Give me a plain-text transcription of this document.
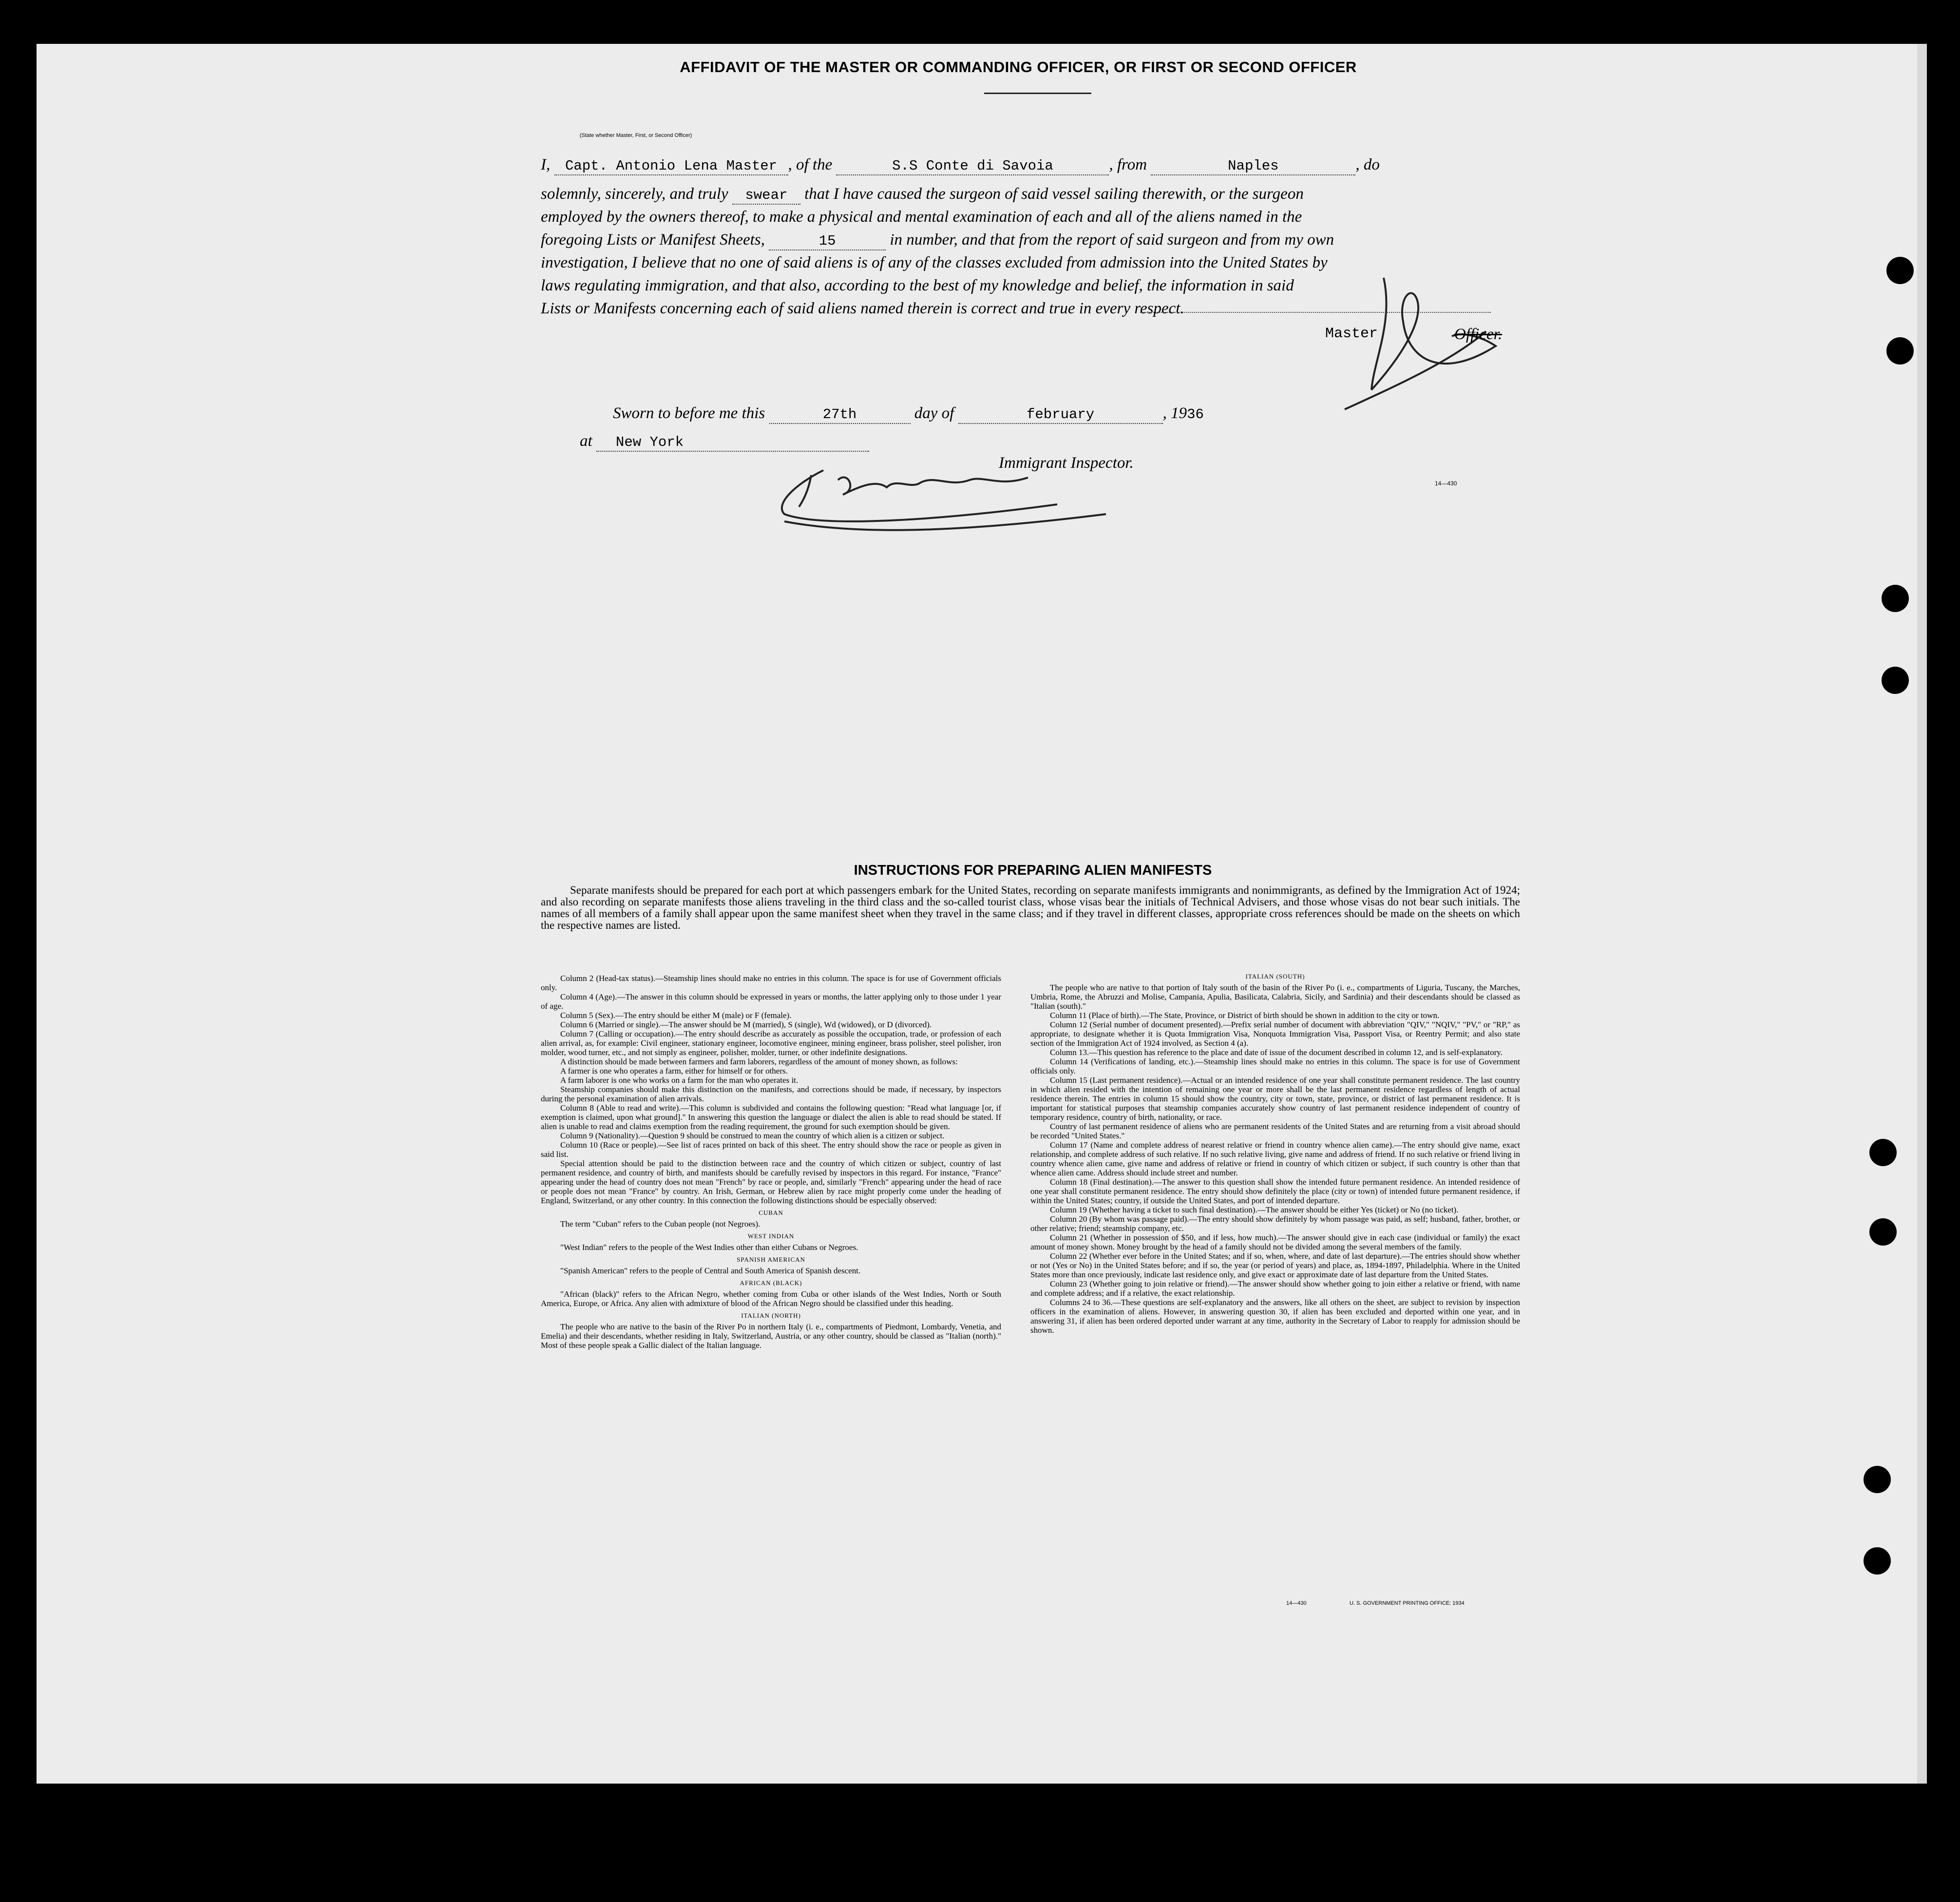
AFFIDAVIT OF THE MASTER OR COMMANDING OFFICER, OR FIRST OR SECOND OFFICER
I, Capt. Antonio Lena Master , of the	S.S Conte di Savoia	, from	Naples	, do
(State whether Master, First, or Second Officer)
solemnly, sincerely, and truly swear that I have caused the surgeon of said vessel sailing therewith, or the surgeon
employed by the owners thereof, to make a physical and mental examination of each and all of the aliens named in the
foregoing Lists or Manifest Sheets,	15	in number, and that from the report of said surgeon and from my own
investigation, I believe that no one of said aliens is of any of the classes excluded from admission into the United States by
laws regulating immigration, and that also, according to the best of my knowledge and belief, the information in said
Lists or Manifests concerning each of said aliens named therein is correct and true in every respect.
Master	Officer.
Sworn to before me this	27th	day of	february	, 1936
at New York
Immigrant Inspector.
14—430
INSTRUCTIONS FOR PREPARING ALIEN MANIFESTS

Separate manifests should be prepared for each port at which passengers embark for the United States, recording on separate manifests immigrants and nonimmigrants, as defined by the Immigration Act of 1924; and also recording on separate manifests those aliens traveling in the third class and the so-called tourist class, whose visas bear the initials of Technical Advisers, and those whose visas do not bear such initials. The names of all members of a family shall appear upon the same manifest sheet when they travel in the same class; and if they travel in different classes, appropriate cross references should be made on the sheets on which the respective names are listed.

Column 2 (Head-tax status).—Steamship lines should make no entries in this column. The space is for use of Government officials only.

Column 4 (Age).—The answer in this column should be expressed in years or months, the latter applying only to those under 1 year of age.

Column 5 (Sex).—The entry should be either M (male) or F (female).

Column 6 (Married or single).—The answer should be M (married), S (single), Wd (widowed), or D (divorced).

Column 7 (Calling or occupation).—The entry should describe as accurately as possible the occupation, trade, or profession of each alien arrival, as, for example: Civil engineer, stationary engineer, locomotive engineer, mining engineer, brass polisher, steel polisher, iron molder, wood turner, etc., and not simply as engineer, polisher, molder, turner, or other indefinite designations.

A distinction should be made between farmers and farm laborers, regardless of the amount of money shown, as follows:

A farmer is one who operates a farm, either for himself or for others.

A farm laborer is one who works on a farm for the man who operates it.

Steamship companies should make this distinction on the manifests, and corrections should be made, if necessary, by inspectors during the personal examination of alien arrivals.

Column 8 (Able to read and write).—This column is subdivided and contains the following question: "Read what language [or, if exemption is claimed, upon what ground]." In answering this question the language or dialect the alien is able to read should be stated. If alien is unable to read and claims exemption from the reading requirement, the ground for such exemption should be given.

Column 9 (Nationality).—Question 9 should be construed to mean the country of which alien is a citizen or subject.

Column 10 (Race or people).—See list of races printed on back of this sheet. The entry should show the race or people as given in said list.

Special attention should be paid to the distinction between race and the country of which citizen or subject, country of last permanent residence, and country of birth, and manifests should be carefully revised by inspectors in this regard. For instance, "France" appearing under the head of country does not mean "French" by race or people, and, similarly "French" appearing under the head of race or people does not mean "France" by country. An Irish, German, or Hebrew alien by race might properly come under the heading of England, Switzerland, or any other country. In this connection the following distinctions should be especially observed:

CUBAN

The term "Cuban" refers to the Cuban people (not Negroes).

WEST INDIAN

"West Indian" refers to the people of the West Indies other than either Cubans or Negroes.

SPANISH AMERICAN

"Spanish American" refers to the people of Central and South America of Spanish descent.

AFRICAN (BLACK)

"African (black)" refers to the African Negro, whether coming from Cuba or other islands of the West Indies, North or South America, Europe, or Africa. Any alien with admixture of blood of the African Negro should be classified under this heading.

ITALIAN (NORTH)

The people who are native to the basin of the River Po in northern Italy (i. e., compartments of Piedmont, Lombardy, Venetia, and Emelia) and their descendants, whether residing in Italy, Switzerland, Austria, or any other country, should be classed as "Italian (north)." Most of these people speak a Gallic dialect of the Italian language.

ITALIAN (SOUTH)

The people who are native to that portion of Italy south of the basin of the River Po (i. e., compartments of Liguria, Tuscany, the Marches, Umbria, Rome, the Abruzzi and Molise, Campania, Apulia, Basilicata, Calabria, Sicily, and Sardinia) and their descendants should be classed as "Italian (south)."

Column 11 (Place of birth).—The State, Province, or District of birth should be shown in addition to the city or town.

Column 12 (Serial number of document presented).—Prefix serial number of document with abbreviation "QIV," "NQIV," "PV," or "RP," as appropriate, to designate whether it is Quota Immigration Visa, Nonquota Immigration Visa, Passport Visa, or Reentry Permit; and also state section of the Immigration Act of 1924 involved, as Section 4 (a).

Column 13.—This question has reference to the place and date of issue of the document described in column 12, and is self-explanatory.

Column 14 (Verifications of landing, etc.).—Steamship lines should make no entries in this column. The space is for use of Government officials only.

Column 15 (Last permanent residence).—Actual or an intended residence of one year shall constitute permanent residence. The last country in which alien resided with the intention of remaining one year or more shall be the last permanent residence regardless of length of actual residence therein. The entries in column 15 should show the country, city or town, state, province, or district of last permanent residence. It is important for statistical purposes that steamship companies accurately show country of last permanent residence independent of country of temporary residence, country of birth, nationality, or race.

Country of last permanent residence of aliens who are permanent residents of the United States and are returning from a visit abroad should be recorded "United States."

Column 17 (Name and complete address of nearest relative or friend in country whence alien came).—The entry should give name, exact relationship, and complete address of such relative. If no such relative living, give name and address of friend. If no such relative or friend living in country whence alien came, give name and address of relative or friend in country of which citizen or subject, if such country is other than that whence alien came. Address should include street and number.

Column 18 (Final destination).—The answer to this question shall show the intended future permanent residence. An intended residence of one year shall constitute permanent residence. The entry should show definitely the place (city or town) of intended future permanent residence, if within the United States; country, if outside the United States, and port of intended departure.

Column 19 (Whether having a ticket to such final destination).—The answer should be either Yes (ticket) or No (no ticket).

Column 20 (By whom was passage paid).—The entry should show definitely by whom passage was paid, as self; husband, father, brother, or other relative; friend; steamship company, etc.

Column 21 (Whether in possession of $50, and if less, how much).—The answer should give in each case (individual or family) the exact amount of money shown. Money brought by the head of a family should not be divided among the several members of the family.

Column 22 (Whether ever before in the United States; and if so, when, where, and date of last departure).—The entries should show whether or not (Yes or No) in the United States before; and if so, the year (or period of years) and place, as, 1894-1897, Philadelphia. Where in the United States more than once previously, indicate last residence only, and give exact or approximate date of last departure from the United States.

Column 23 (Whether going to join relative or friend).—The answer should show whether going to join either a relative or friend, with name and complete address; and if a relative, the exact relationship.

Columns 24 to 36.—These questions are self-explanatory and the answers, like all others on the sheet, are subject to revision by inspection officers in the examination of aliens. However, in answering question 30, if alien has been excluded and deported within one year, and in answering 31, if alien has been ordered deported under warrant at any time, authority in the Secretary of Labor to reapply for admission should be shown.

14—430	U. S. GOVERNMENT PRINTING OFFICE: 1934
